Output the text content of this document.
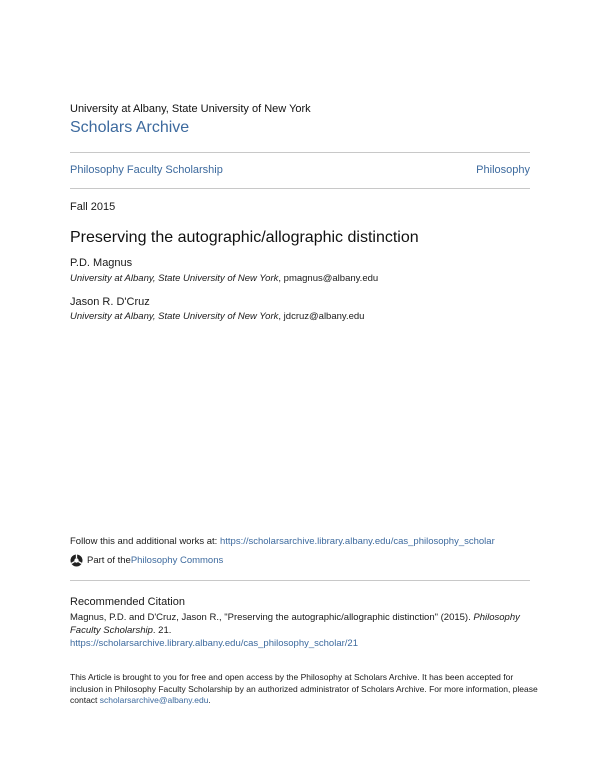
University at Albany, State University of New York
Scholars Archive
Philosophy Faculty Scholarship	Philosophy
Fall 2015
Preserving the autographic/allographic distinction
P.D. Magnus
University at Albany, State University of New York, pmagnus@albany.edu
Jason R. D'Cruz
University at Albany, State University of New York, jdcruz@albany.edu
Follow this and additional works at: https://scholarsarchive.library.albany.edu/cas_philosophy_scholar
Part of the Philosophy Commons
Recommended Citation
Magnus, P.D. and D'Cruz, Jason R., "Preserving the autographic/allographic distinction" (2015). Philosophy Faculty Scholarship. 21.
https://scholarsarchive.library.albany.edu/cas_philosophy_scholar/21
This Article is brought to you for free and open access by the Philosophy at Scholars Archive. It has been accepted for inclusion in Philosophy Faculty Scholarship by an authorized administrator of Scholars Archive. For more information, please contact scholarsarchive@albany.edu.
